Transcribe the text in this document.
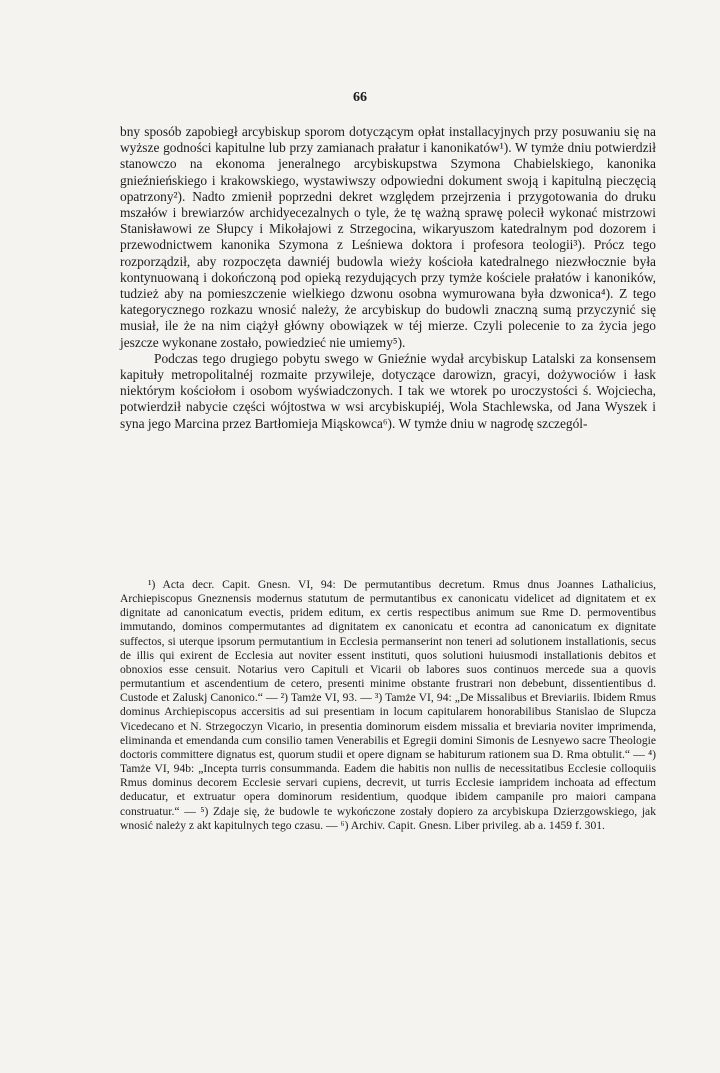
66

bny sposób zapobiegł arcybiskup sporom dotyczącym opłat installacyjnych przy posuwaniu się na wyższe godności kapitulne lub przy zamianach prałatur i kanonikatów¹). W tymże dniu potwierdził stanowczo na ekonoma jeneralnego arcybiskupstwa Szymona Chabielskiego, kanonika gnieźnieńskiego i krakowskiego, wystawiwszy odpowiedni dokument swoją i kapitulną pieczęcią opatrzony²). Nadto zmienił poprzedni dekret względem przejrzenia i przygotowania do druku mszałów i brewiarzów archidyecezalnych o tyle, że tę ważną sprawę polecił wykonać mistrzowi Stanisławowi ze Słupcy i Mikołajowi z Strzegocina, wikaryuszom katedralnym pod dozorem i przewodnictwem kanonika Szymona z Leśniewa doktora i profesora teologii³). Prócz tego rozporządził, aby rozpoczęta dawniéj budowla wieży kościoła katedralnego niezwłocznie była kontynuowaną i dokończoną pod opieką rezydujących przy tymże kościele prałatów i kanoników, tudzież aby na pomieszczenie wielkiego dzwonu osobna wymurowana była dzwonica⁴). Z tego kategorycznego rozkazu wnosić należy, że arcybiskup do budowli znaczną sumą przyczynić się musiał, ile że na nim ciążył główny obowiązek w téj mierze. Czyli polecenie to za życia jego jeszcze wykonane zostało, powiedzieć nie umiemy⁵).

Podczas tego drugiego pobytu swego w Gnieźnie wydał arcybiskup Latalski za konsensem kapituły metropolitalnéj rozmaite przywileje, dotyczące darowizn, gracyi, dożywociów i łask niektórym kościołom i osobom wyświadczonych. I tak we wtorek po uroczystości ś. Wojciecha, potwierdził nabycie części wójtostwa w wsi arcybiskupiéj, Wola Stachlewska, od Jana Wyszek i syna jego Marcina przez Bartłomieja Miąskowca⁶). W tymże dniu w nagrodę szczegól-

¹) Acta decr. Capit. Gnesn. VI, 94: De permutantibus decretum. Rmus dnus Joannes Lathalicius, Archiepiscopus Gneznensis modernus statutum de permutantibus ex canonicatu videlicet ad dignitatem et ex dignitate ad canonicatum evectis, pridem editum, ex certis respectibus animum sue Rme D. permoventibus immutando, dominos compermutantes ad dignitatem ex canonicatu et econtra ad canonicatum ex dignitate suffectos, si uterque ipsorum permutantium in Ecclesia permanserint non teneri ad solutionem installationis, secus de illis qui exirent de Ecclesia aut noviter essent instituti, quos solutioni huiusmodi installationis debitos et obnoxios esse censuit. Notarius vero Capituli et Vicarii ob labores suos continuos mercede sua a quovis permutantium et ascendentium de cetero, presenti minime obstante frustrari non debebunt, dissentientibus d. Custode et Zaluskj Canonico.“ — ²) Tamże VI, 93. — ³) Tamże VI, 94: „De Missalibus et Breviariis. Ibidem Rmus dominus Archiepiscopus accersitis ad sui presentiam in locum capitularem honorabilibus Stanislao de Slupcza Vicedecano et N. Strzegoczyn Vicario, in presentia dominorum eisdem missalia et breviaria noviter imprimenda, eliminanda et emendanda cum consilio tamen Venerabilis et Egregii domini Simonis de Lesnyewo sacre Theologie doctoris committere dignatus est, quorum studii et opere dignam se habiturum rationem sua D. Rma obtulit.“ — ⁴) Tamże VI, 94b: „Incepta turris consummanda. Eadem die habitis non nullis de necessitatibus Ecclesie colloquiis Rmus dominus decorem Ecclesie servari cupiens, decrevit, ut turris Ecclesie iampridem inchoata ad effectum deducatur, et extruatur opera dominorum residentium, quodque ibidem campanile pro maiori campana construatur.“ — ⁵) Zdaje się, że budowle te wykończone zostały dopiero za arcybiskupa Dzierzgowskiego, jak wnosić należy z akt kapitulnych tego czasu. — ⁶) Archiv. Capit. Gnesn. Liber privileg. ab a. 1459 f. 301.
